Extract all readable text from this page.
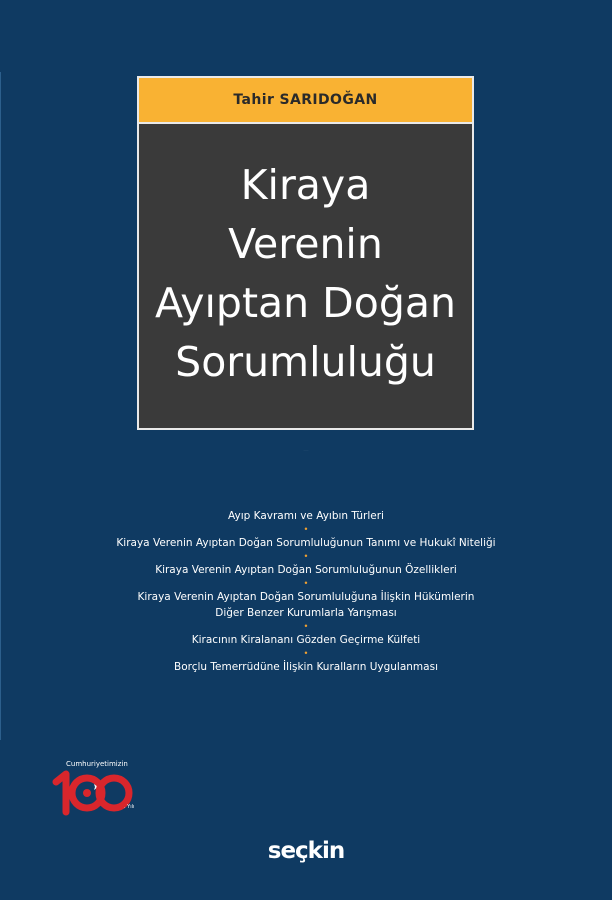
Tahir SARIDOĞAN
Kiraya
Verenin
Ayıptan Doğan
Sorumluluğu
·····
Ayıp Kavramı ve Ayıbın Türleri
•
Kiraya Verenin Ayıptan Doğan Sorumluluğunun Tanımı ve Hukukî Niteliği
•
Kiraya Verenin Ayıptan Doğan Sorumluluğunun Özellikleri
•
Kiraya Verenin Ayıptan Doğan Sorumluluğuna İlişkin Hükümlerin
Diğer Benzer Kurumlarla Yarışması
•
Kiracının Kiralananı Gözden Geçirme Külfeti
•
Borçlu Temerrüdüne İlişkin Kuralların Uygulanması
Cumhuriyetimizin
. Yılı
seçkin
